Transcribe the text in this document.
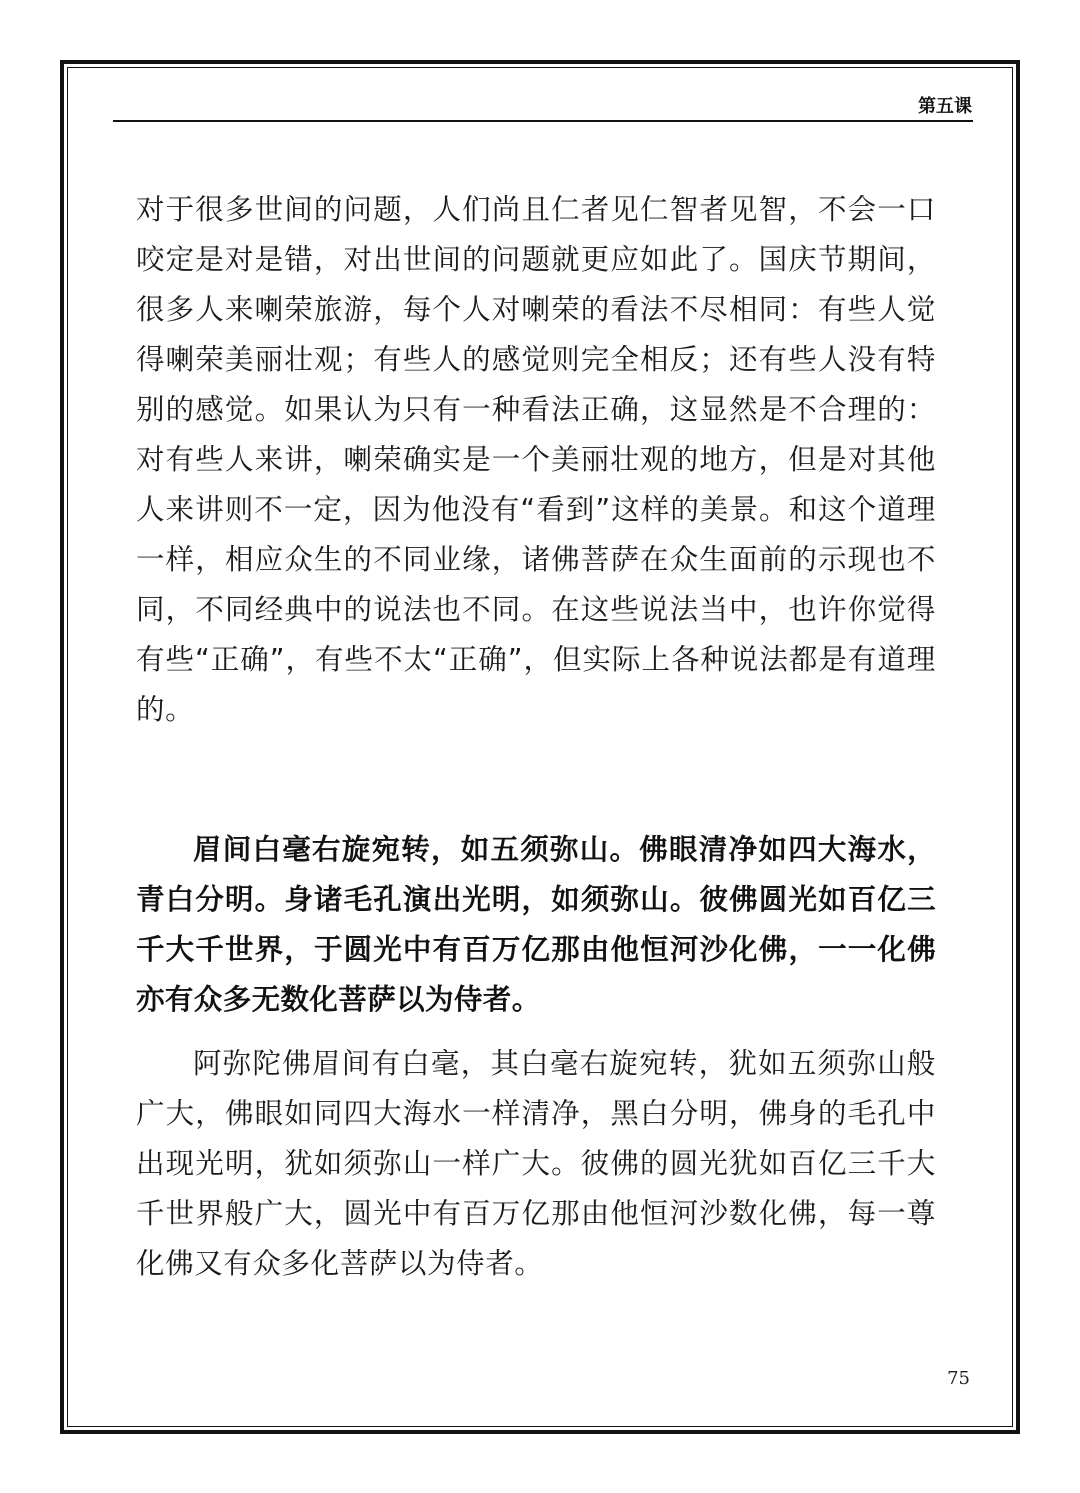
第五课

对于很多世间的问题，人们尚且仁者见仁智者见智，不会一口咬定是对是错，对出世间的问题就更应如此了。国庆节期间，很多人来喇荣旅游，每个人对喇荣的看法不尽相同：有些人觉得喇荣美丽壮观；有些人的感觉则完全相反；还有些人没有特别的感觉。如果认为只有一种看法正确，这显然是不合理的：对有些人来讲，喇荣确实是一个美丽壮观的地方，但是对其他人来讲则不一定，因为他没有“看到”这样的美景。和这个道理一样，相应众生的不同业缘，诸佛菩萨在众生面前的示现也不同，不同经典中的说法也不同。在这些说法当中，也许你觉得有些“正确”，有些不太“正确”，但实际上各种说法都是有道理的。

眉间白毫右旋宛转，如五须弥山。佛眼清净如四大海水，青白分明。身诸毛孔演出光明，如须弥山。彼佛圆光如百亿三千大千世界，于圆光中有百万亿那由他恒河沙化佛，一一化佛亦有众多无数化菩萨以为侍者。

阿弥陀佛眉间有白毫，其白毫右旋宛转，犹如五须弥山般广大，佛眼如同四大海水一样清净，黑白分明，佛身的毛孔中出现光明，犹如须弥山一样广大。彼佛的圆光犹如百亿三千大千世界般广大，圆光中有百万亿那由他恒河沙数化佛，每一尊化佛又有众多化菩萨以为侍者。

75
